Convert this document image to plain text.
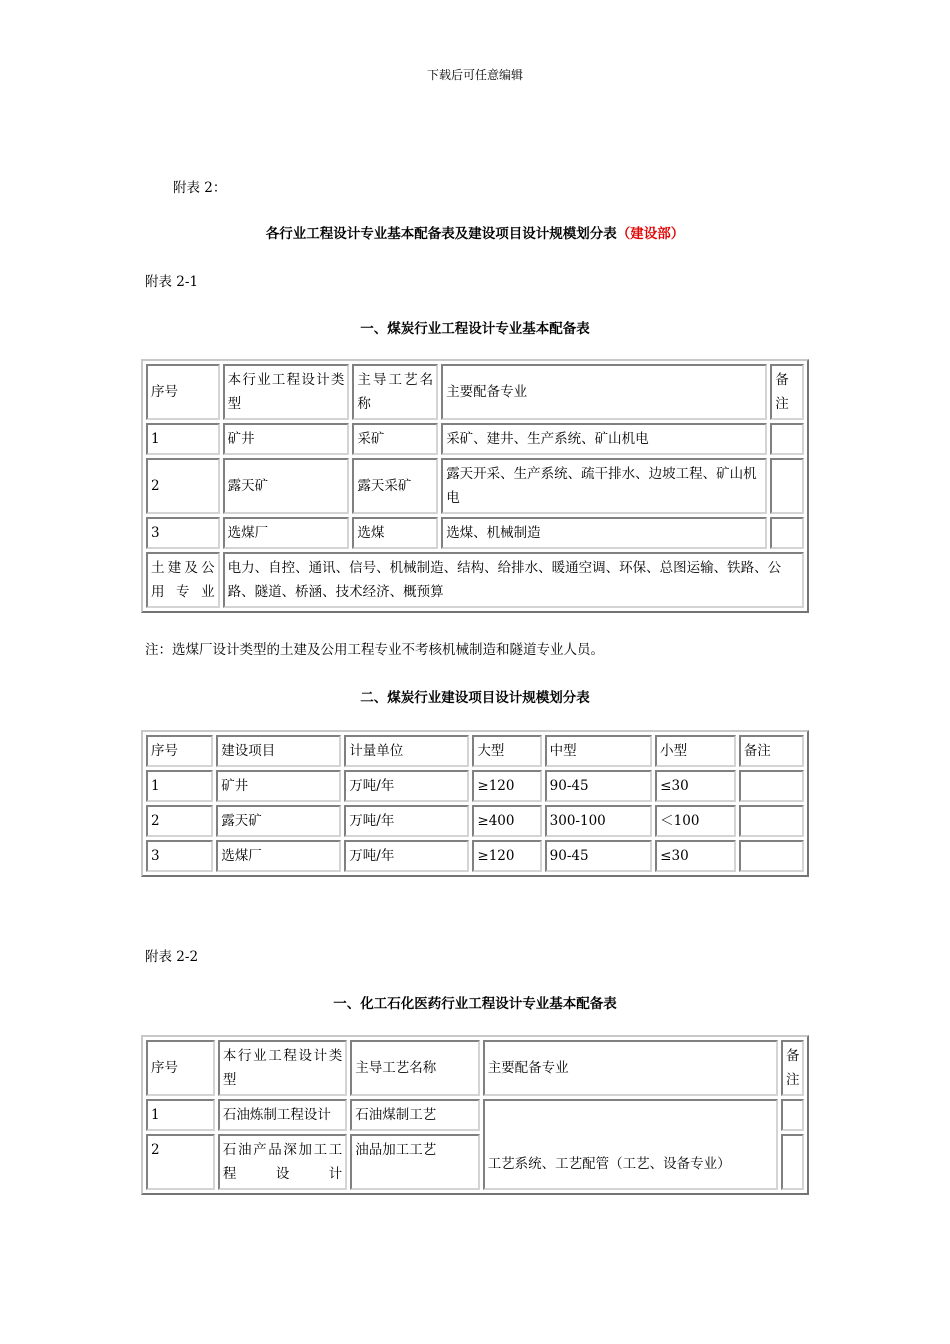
下载后可任意编辑
附表 2：
各行业工程设计专业基本配备表及建设项目设计规模划分表（建设部）
附表 2-1
一、煤炭行业工程设计专业基本配备表
序号	本行业工程设计类型	主导工艺名称	主要配备专业	备注
1	矿井	采矿	采矿、建井、生产系统、矿山机电	
2	露天矿	露天采矿	露天开采、生产系统、疏干排水、边坡工程、矿山机电	
3	选煤厂	选煤	选煤、机械制造	
土建及公用专业	电力、自控、通讯、信号、机械制造、结构、给排水、暖通空调、环保、总图运输、铁路、公路、隧道、桥涵、技术经济、概预算			
注：选煤厂设计类型的土建及公用工程专业不考核机械制造和隧道专业人员。
二、煤炭行业建设项目设计规模划分表
序号	建设项目	计量单位	大型	中型	小型	备注
1	矿井	万吨/年	≥120	90-45	≤30	
2	露天矿	万吨/年	≥400	300-100	＜100	
3	选煤厂	万吨/年	≥120	90-45	≤30	
附表 2-2
一、化工石化医药行业工程设计专业基本配备表
序号	本行业工程设计类型	主导工艺名称	主要配备专业	备注
1	石油炼制工程设计	石油煤制工艺	工艺系统、工艺配管（工艺、设备专业）	
2	石油产品深加工工程设计	油品加工工艺		
